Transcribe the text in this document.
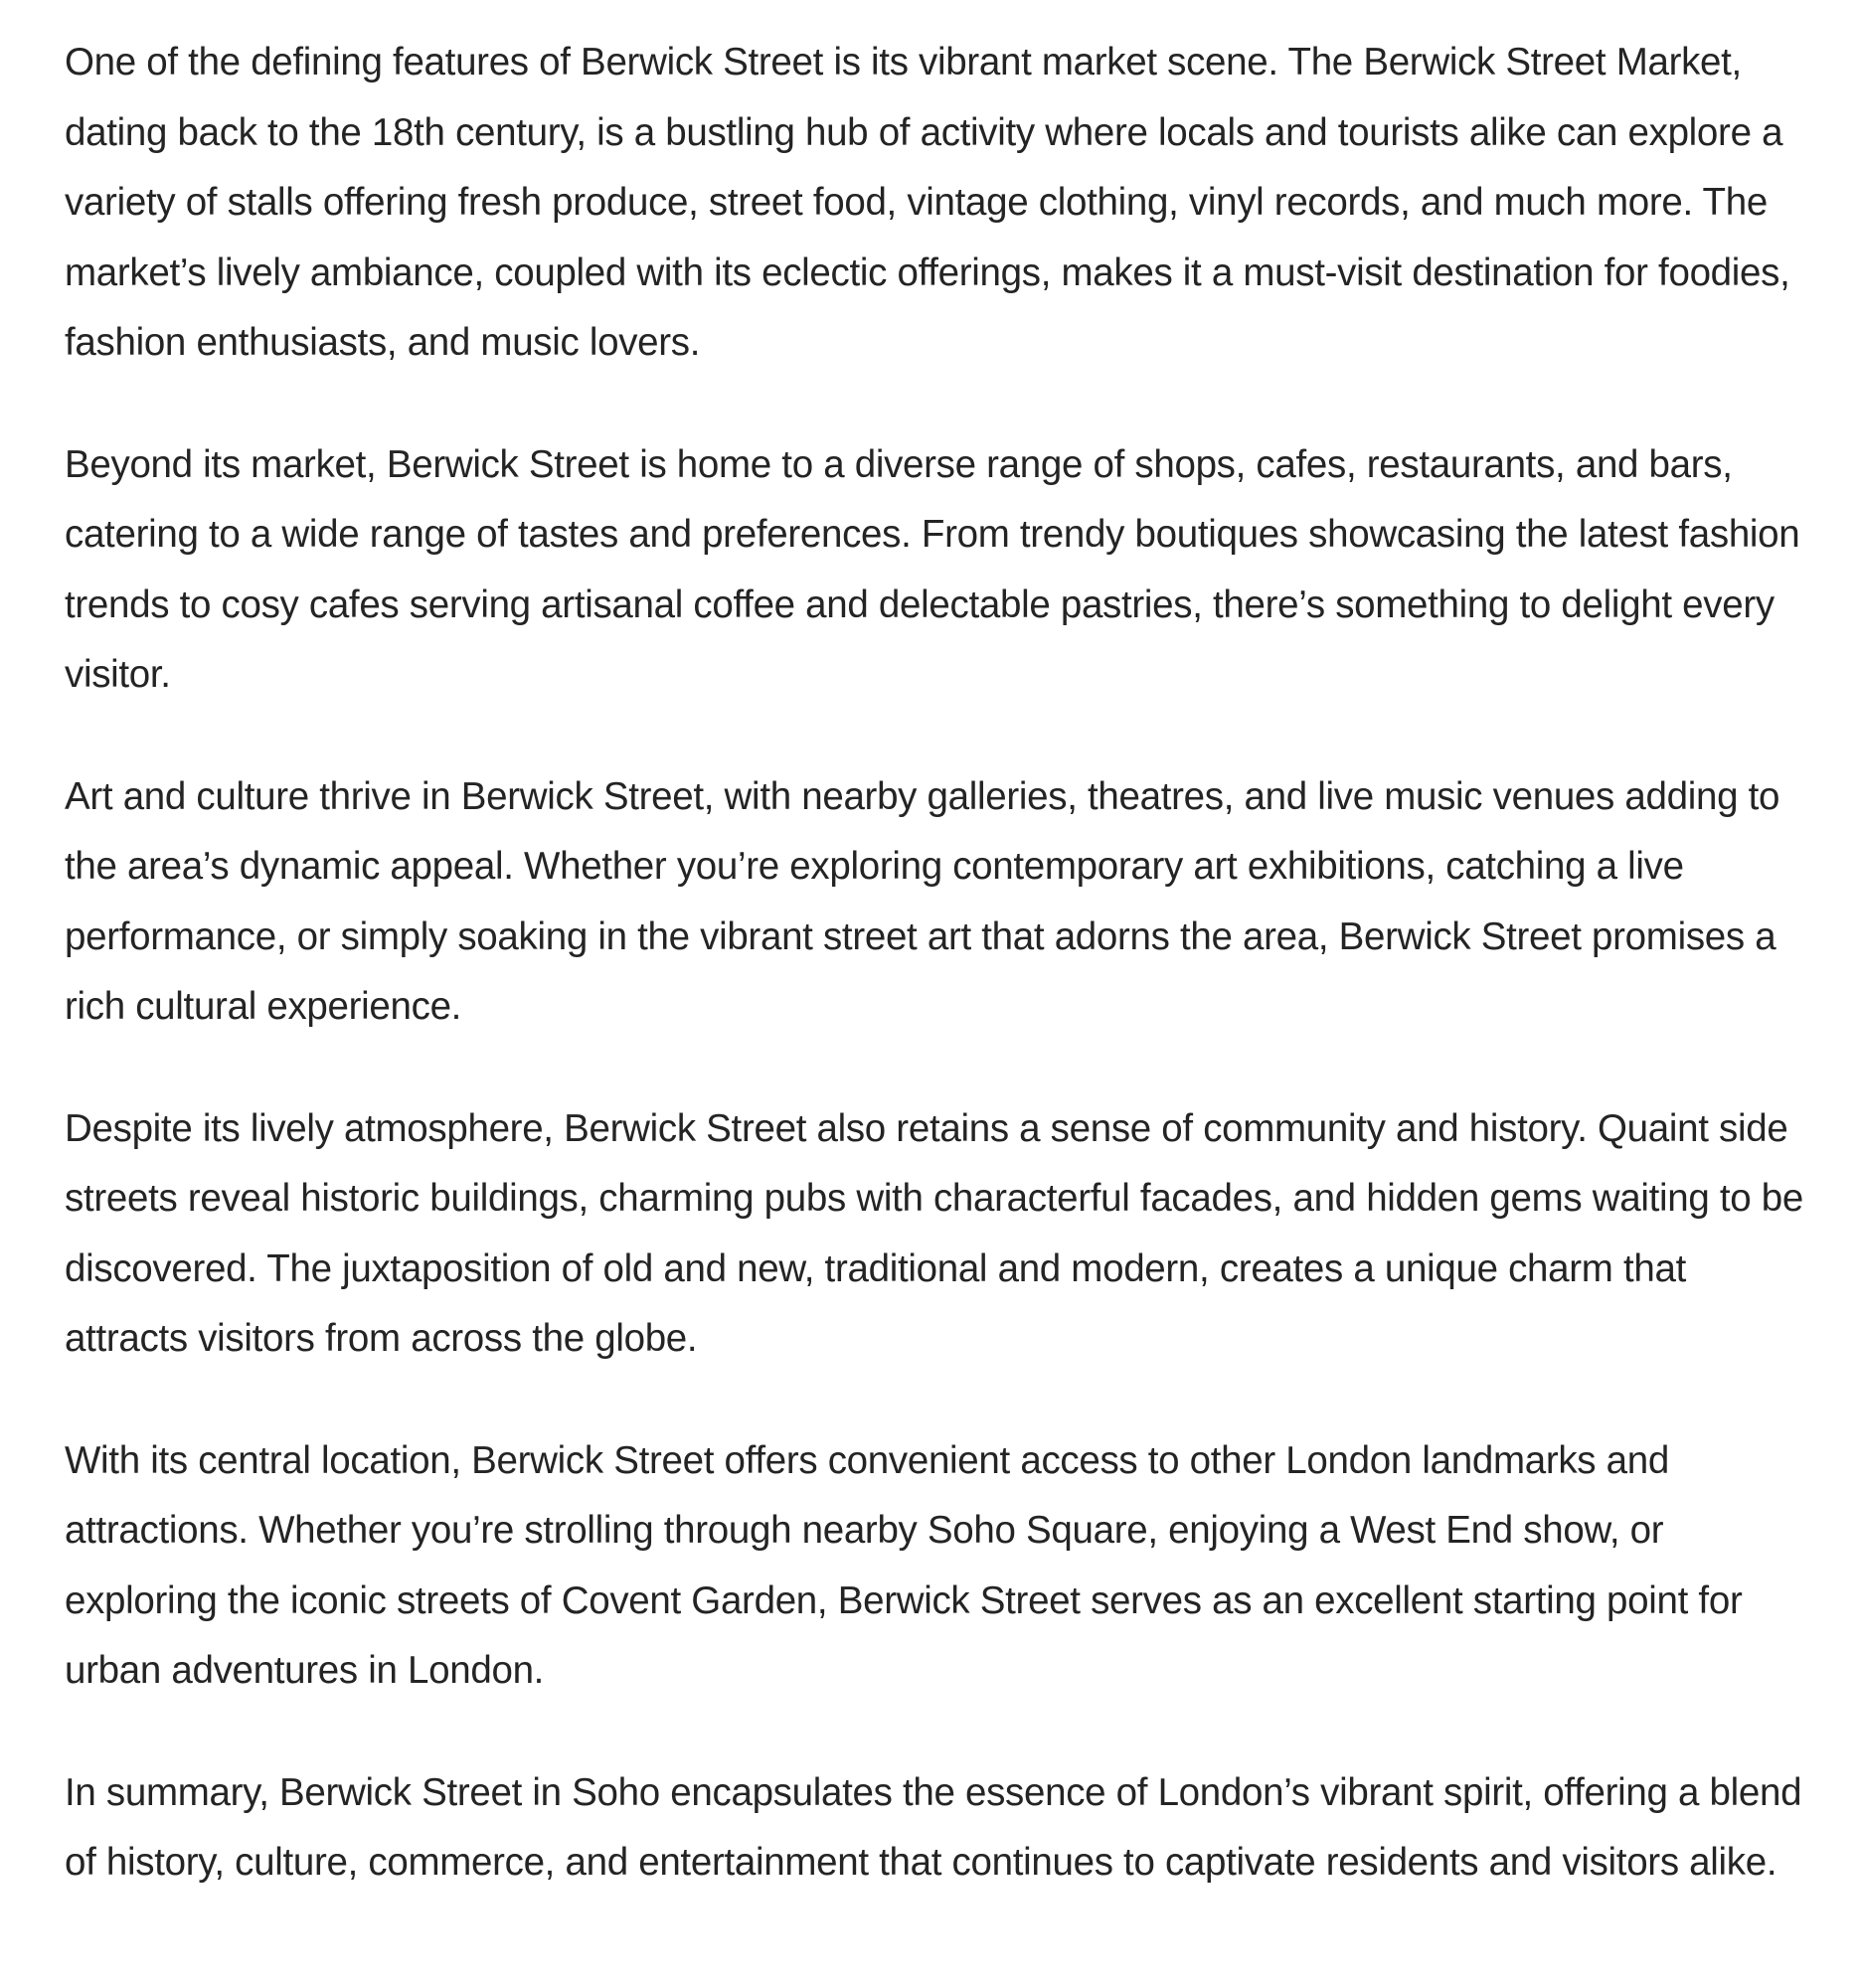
One of the defining features of Berwick Street is its vibrant market scene. The Berwick Street Market, dating back to the 18th century, is a bustling hub of activity where locals and tourists alike can explore a variety of stalls offering fresh produce, street food, vintage clothing, vinyl records, and much more. The market’s lively ambiance, coupled with its eclectic offerings, makes it a must-visit destination for foodies, fashion enthusiasts, and music lovers.

Beyond its market, Berwick Street is home to a diverse range of shops, cafes, restaurants, and bars, catering to a wide range of tastes and preferences. From trendy boutiques showcasing the latest fashion trends to cosy cafes serving artisanal coffee and delectable pastries, there’s something to delight every visitor.

Art and culture thrive in Berwick Street, with nearby galleries, theatres, and live music venues adding to the area’s dynamic appeal. Whether you’re exploring contemporary art exhibitions, catching a live performance, or simply soaking in the vibrant street art that adorns the area, Berwick Street promises a rich cultural experience.

Despite its lively atmosphere, Berwick Street also retains a sense of community and history. Quaint side streets reveal historic buildings, charming pubs with characterful facades, and hidden gems waiting to be discovered. The juxtaposition of old and new, traditional and modern, creates a unique charm that attracts visitors from across the globe.

With its central location, Berwick Street offers convenient access to other London landmarks and attractions. Whether you’re strolling through nearby Soho Square, enjoying a West End show, or exploring the iconic streets of Covent Garden, Berwick Street serves as an excellent starting point for urban adventures in London.

In summary, Berwick Street in Soho encapsulates the essence of London’s vibrant spirit, offering a blend of history, culture, commerce, and entertainment that continues to captivate residents and visitors alike.
